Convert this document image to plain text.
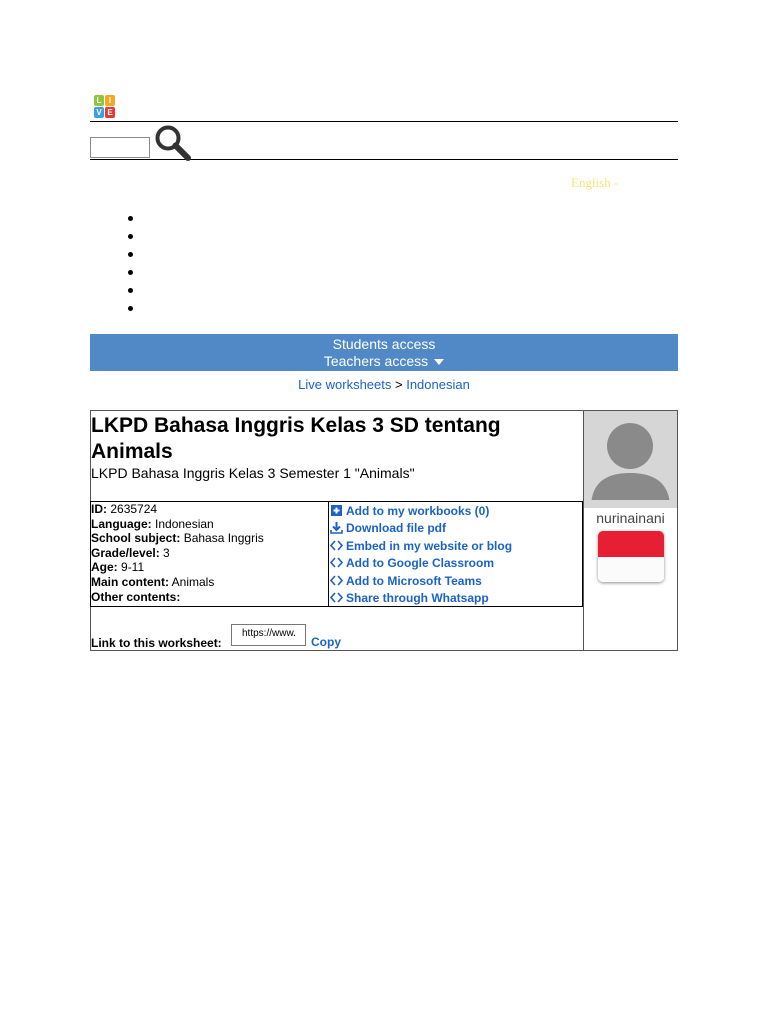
L I
V E
English -
Students access
Teachers access
Live worksheets > Indonesian
LKPD Bahasa Inggris Kelas 3 SD tentang Animals
LKPD Bahasa Inggris Kelas 3 Semester 1 "Animals"
nurinainani
ID: 2635724
Language: Indonesian
School subject: Bahasa Inggris
Grade/level: 3
Age: 9-11
Main content: Animals
Other contents:
Add to my workbooks (0)
Download file pdf
Embed in my website or blog
Add to Google Classroom
Add to Microsoft Teams
Share through Whatsapp
Link to this worksheet:
https://www.
Copy
